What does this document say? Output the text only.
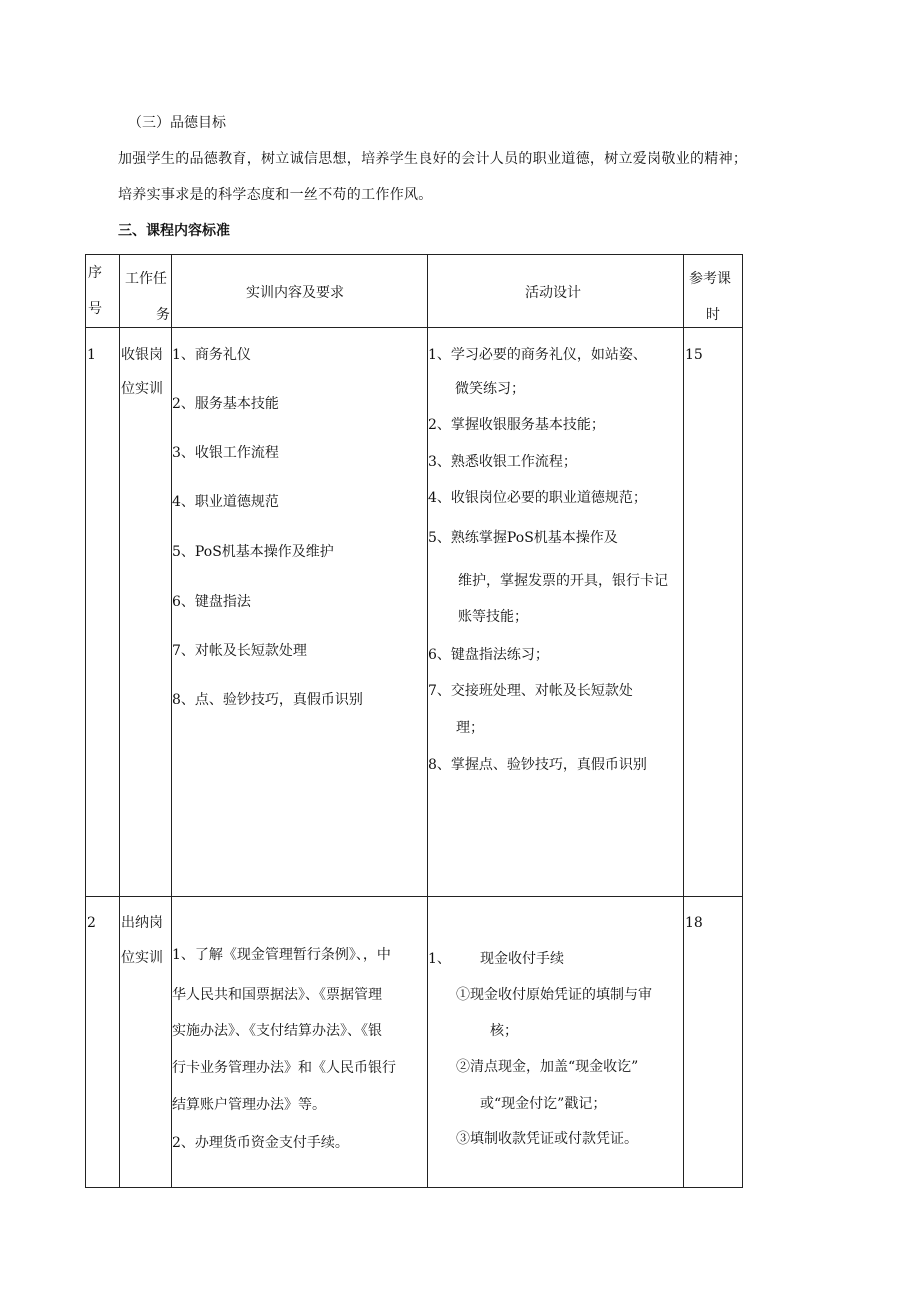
（三）品德目标
加强学生的品德教育，树立诚信思想，培养学生良好的会计人员的职业道德，树立爱岗敬业的精神；
培养实事求是的科学态度和一丝不苟的工作作风。
三、课程内容标准
序
号
工作任
务
实训内容及要求	活动设计
参考课
时
1 收银岗
位实训
1、商务礼仪
2、服务基本技能
3、收银工作流程
4、职业道德规范
5、PoS机基本操作及维护
6、键盘指法
7、对帐及长短款处理
8、点、验钞技巧，真假币识别
1、学习必要的商务礼仪，如站姿、
微笑练习；
2、掌握收银服务基本技能；
3、熟悉收银工作流程；
4、收银岗位必要的职业道德规范；
5、熟练掌握PoS机基本操作及
维护，掌握发票的开具，银行卡记
账等技能；
6、键盘指法练习；
7、交接班处理、对帐及长短款处
理；
8、掌握点、验钞技巧，真假币识别
15
2 出纳岗
位实训 1、了解《现金管理暂行条例》、，中
华人民共和国票据法》、《票据管理
实施办法》、《支付结算办法》、《银
行卡业务管理办法》和《人民币银行
结算账户管理办法》等。
2、办理货币资金支付手续。
1、 现金收付手续
①现金收付原始凭证的填制与审
核；
②清点现金，加盖“现金收讫”
或“现金付讫”戳记；
③填制收款凭证或付款凭证。
18
